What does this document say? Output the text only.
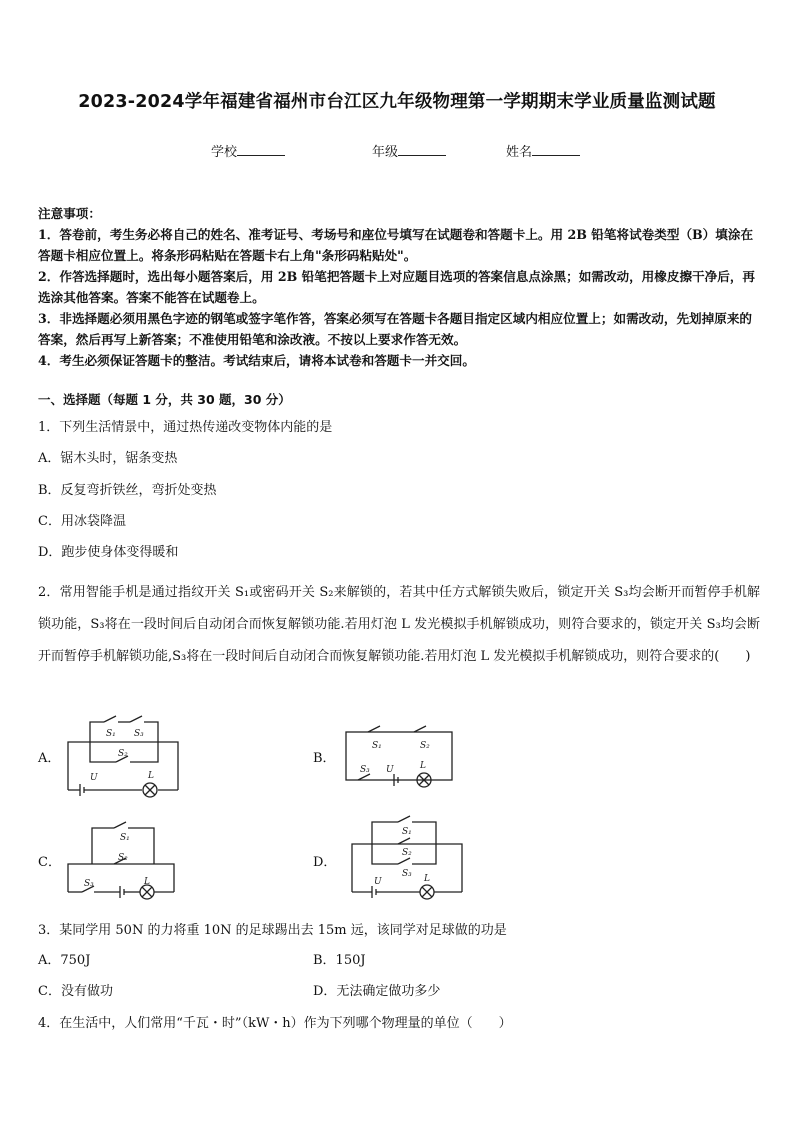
2023-2024学年福建省福州市台江区九年级物理第一学期期末学业质量监测试题
学校	年级	姓名

注意事项：

1．答卷前，考生务必将自己的姓名、准考证号、考场号和座位号填写在试题卷和答题卡上。用 2B 铅笔将试卷类型（B）填涂在答题卡相应位置上。将条形码粘贴在答题卡右上角"条形码粘贴处"。

2．作答选择题时，选出每小题答案后，用 2B 铅笔把答题卡上对应题目选项的答案信息点涂黑；如需改动，用橡皮擦干净后，再选涂其他答案。答案不能答在试题卷上。

3．非选择题必须用黑色字迹的钢笔或签字笔作答，答案必须写在答题卡各题目指定区域内相应位置上；如需改动，先划掉原来的答案，然后再写上新答案；不准使用铅笔和涂改液。不按以上要求作答无效。

4．考生必须保证答题卡的整洁。考试结束后，请将本试卷和答题卡一并交回。

一、选择题（每题 1 分，共 30 题，30 分）
1．下列生活情景中，通过热传递改变物体内能的是
A．锯木头时，锯条变热
B．反复弯折铁丝，弯折处变热
C．用冰袋降温
D．跑步使身体变得暖和
2．常用智能手机是通过指纹开关 S₁或密码开关 S₂来解锁的，若其中任方式解锁失败后，锁定开关 S₃均会断开而暂停手机解锁功能，S₃将在一段时间后自动闭合而恢复解锁功能.若用灯泡 L 发光模拟手机解锁成功，则符合要求的，锁定开关 S₃均会断开而暂停手机解锁功能,S₃将在一段时间后自动闭合而恢复解锁功能.若用灯泡 L 发光模拟手机解锁成功，则符合要求的(　　)
A．	B．
C．	D．
S₁ S₃
S₂
U	L
S₁	S₂
S₃ U	L
S₁
S₂
S₃	L
S₁
S₂
S₃
U	L
3．某同学用 50N 的力将重 10N 的足球踢出去 15m 远，该同学对足球做的功是
A．750J	B．150J
C．没有做功	D．无法确定做功多少
4．在生活中，人们常用“千瓦・时”（kW・h）作为下列哪个物理量的单位（　　）
